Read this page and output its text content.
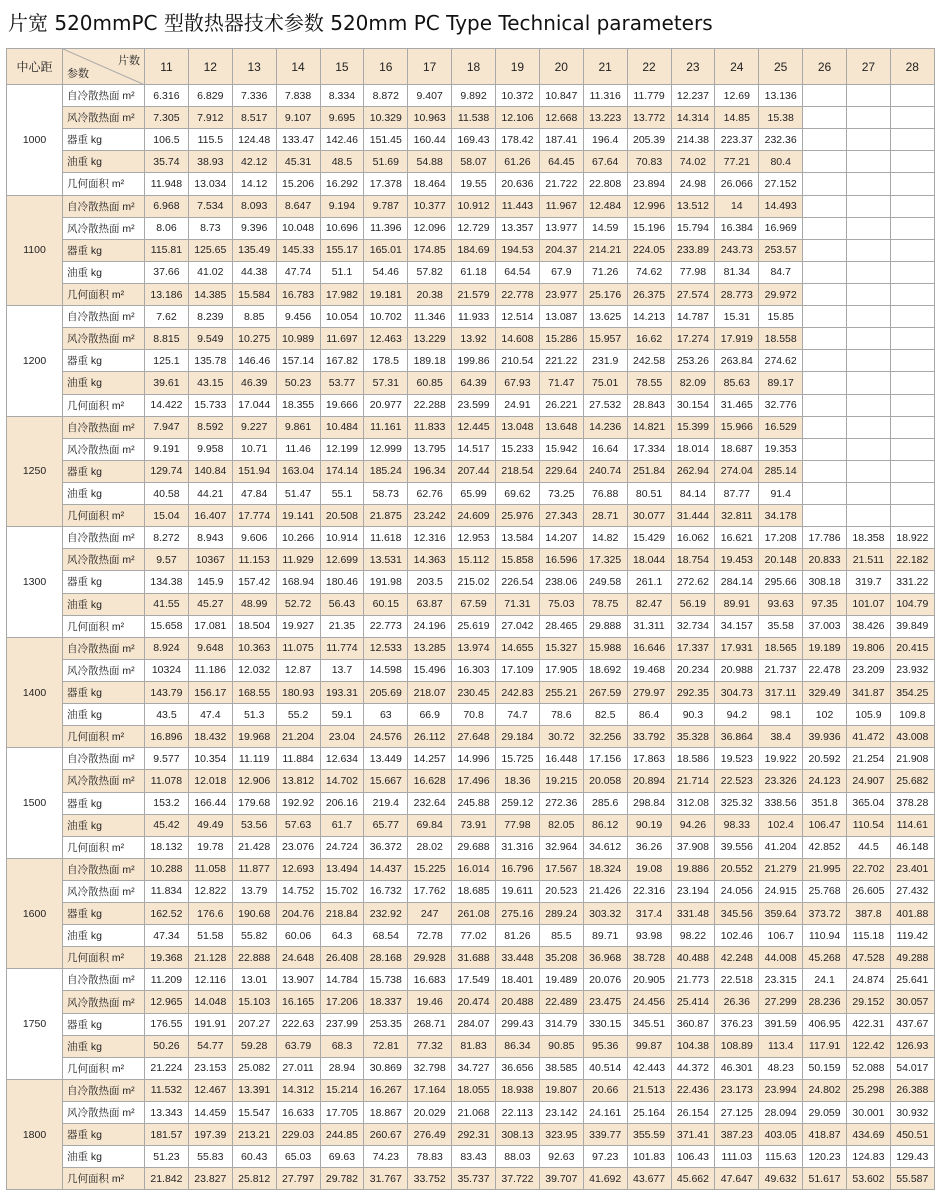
片宽 520mmPC 型散热器技术参数 520mm PC Type Technical parameters
中心距	片数
参数	11	12	13	14	15	16	17	18	19	20	21	22	23	24	25	26	27	28
1000	自冷散热面 m²	6.316	6.829	7.336	7.838	8.334	8.872	9.407	9.892	10.372	10.847	11.316	11.779	12.237	12.69	13.136			
	风冷散热面 m²	7.305	7.912	8.517	9.107	9.695	10.329	10.963	11.538	12.106	12.668	13.223	13.772	14.314	14.85	15.38			
	器重 kg	106.5	115.5	124.48	133.47	142.46	151.45	160.44	169.43	178.42	187.41	196.4	205.39	214.38	223.37	232.36			
	油重 kg	35.74	38.93	42.12	45.31	48.5	51.69	54.88	58.07	61.26	64.45	67.64	70.83	74.02	77.21	80.4			
	几何面积 m²	11.948	13.034	14.12	15.206	16.292	17.378	18.464	19.55	20.636	21.722	22.808	23.894	24.98	26.066	27.152			
1100	自冷散热面 m²	6.968	7.534	8.093	8.647	9.194	9.787	10.377	10.912	11.443	11.967	12.484	12.996	13.512	14	14.493			
	风冷散热面 m²	8.06	8.73	9.396	10.048	10.696	11.396	12.096	12.729	13.357	13.977	14.59	15.196	15.794	16.384	16.969			
	器重 kg	115.81	125.65	135.49	145.33	155.17	165.01	174.85	184.69	194.53	204.37	214.21	224.05	233.89	243.73	253.57			
	油重 kg	37.66	41.02	44.38	47.74	51.1	54.46	57.82	61.18	64.54	67.9	71.26	74.62	77.98	81.34	84.7			
	几何面积 m²	13.186	14.385	15.584	16.783	17.982	19.181	20.38	21.579	22.778	23.977	25.176	26.375	27.574	28.773	29.972			
1200	自冷散热面 m²	7.62	8.239	8.85	9.456	10.054	10.702	11.346	11.933	12.514	13.087	13.625	14.213	14.787	15.31	15.85			
	风冷散热面 m²	8.815	9.549	10.275	10.989	11.697	12.463	13.229	13.92	14.608	15.286	15.957	16.62	17.274	17.919	18.558			
	器重 kg	125.1	135.78	146.46	157.14	167.82	178.5	189.18	199.86	210.54	221.22	231.9	242.58	253.26	263.84	274.62			
	油重 kg	39.61	43.15	46.39	50.23	53.77	57.31	60.85	64.39	67.93	71.47	75.01	78.55	82.09	85.63	89.17			
	几何面积 m²	14.422	15.733	17.044	18.355	19.666	20.977	22.288	23.599	24.91	26.221	27.532	28.843	30.154	31.465	32.776			
1250	自冷散热面 m²	7.947	8.592	9.227	9.861	10.484	11.161	11.833	12.445	13.048	13.648	14.236	14.821	15.399	15.966	16.529			
	风冷散热面 m²	9.191	9.958	10.71	11.46	12.199	12.999	13.795	14.517	15.233	15.942	16.64	17.334	18.014	18.687	19.353			
	器重 kg	129.74	140.84	151.94	163.04	174.14	185.24	196.34	207.44	218.54	229.64	240.74	251.84	262.94	274.04	285.14			
	油重 kg	40.58	44.21	47.84	51.47	55.1	58.73	62.76	65.99	69.62	73.25	76.88	80.51	84.14	87.77	91.4			
	几何面积 m²	15.04	16.407	17.774	19.141	20.508	21.875	23.242	24.609	25.976	27.343	28.71	30.077	31.444	32.811	34.178			
1300	自冷散热面 m²	8.272	8.943	9.606	10.266	10.914	11.618	12.316	12.953	13.584	14.207	14.82	15.429	16.062	16.621	17.208	17.786	18.358	18.922
	风冷散热面 m²	9.57	10367	11.153	11.929	12.699	13.531	14.363	15.112	15.858	16.596	17.325	18.044	18.754	19.453	20.148	20.833	21.511	22.182
	器重 kg	134.38	145.9	157.42	168.94	180.46	191.98	203.5	215.02	226.54	238.06	249.58	261.1	272.62	284.14	295.66	308.18	319.7	331.22
	油重 kg	41.55	45.27	48.99	52.72	56.43	60.15	63.87	67.59	71.31	75.03	78.75	82.47	56.19	89.91	93.63	97.35	101.07	104.79
	几何面积 m²	15.658	17.081	18.504	19.927	21.35	22.773	24.196	25.619	27.042	28.465	29.888	31.311	32.734	34.157	35.58	37.003	38.426	39.849
1400	自冷散热面 m²	8.924	9.648	10.363	11.075	11.774	12.533	13.285	13.974	14.655	15.327	15.988	16.646	17.337	17.931	18.565	19.189	19.806	20.415
	风冷散热面 m²	10324	11.186	12.032	12.87	13.7	14.598	15.496	16.303	17.109	17.905	18.692	19.468	20.234	20.988	21.737	22.478	23.209	23.932
	器重 kg	143.79	156.17	168.55	180.93	193.31	205.69	218.07	230.45	242.83	255.21	267.59	279.97	292.35	304.73	317.11	329.49	341.87	354.25
	油重 kg	43.5	47.4	51.3	55.2	59.1	63	66.9	70.8	74.7	78.6	82.5	86.4	90.3	94.2	98.1	102	105.9	109.8
	几何面积 m²	16.896	18.432	19.968	21.204	23.04	24.576	26.112	27.648	29.184	30.72	32.256	33.792	35.328	36.864	38.4	39.936	41.472	43.008
1500	自冷散热面 m²	9.577	10.354	11.119	11.884	12.634	13.449	14.257	14.996	15.725	16.448	17.156	17.863	18.586	19.523	19.922	20.592	21.254	21.908
	风冷散热面 m²	11.078	12.018	12.906	13.812	14.702	15.667	16.628	17.496	18.36	19.215	20.058	20.894	21.714	22.523	23.326	24.123	24.907	25.682
	器重 kg	153.2	166.44	179.68	192.92	206.16	219.4	232.64	245.88	259.12	272.36	285.6	298.84	312.08	325.32	338.56	351.8	365.04	378.28
	油重 kg	45.42	49.49	53.56	57.63	61.7	65.77	69.84	73.91	77.98	82.05	86.12	90.19	94.26	98.33	102.4	106.47	110.54	114.61
	几何面积 m²	18.132	19.78	21.428	23.076	24.724	36.372	28.02	29.688	31.316	32.964	34.612	36.26	37.908	39.556	41.204	42.852	44.5	46.148
1600	自冷散热面 m²	10.288	11.058	11.877	12.693	13.494	14.437	15.225	16.014	16.796	17.567	18.324	19.08	19.886	20.552	21.279	21.995	22.702	23.401
	风冷散热面 m²	11.834	12.822	13.79	14.752	15.702	16.732	17.762	18.685	19.611	20.523	21.426	22.316	23.194	24.056	24.915	25.768	26.605	27.432
	器重 kg	162.52	176.6	190.68	204.76	218.84	232.92	247	261.08	275.16	289.24	303.32	317.4	331.48	345.56	359.64	373.72	387.8	401.88
	油重 kg	47.34	51.58	55.82	60.06	64.3	68.54	72.78	77.02	81.26	85.5	89.71	93.98	98.22	102.46	106.7	110.94	115.18	119.42
	几何面积 m²	19.368	21.128	22.888	24.648	26.408	28.168	29.928	31.688	33.448	35.208	36.968	38.728	40.488	42.248	44.008	45.268	47.528	49.288
1750	自冷散热面 m²	11.209	12.116	13.01	13.907	14.784	15.738	16.683	17.549	18.401	19.489	20.076	20.905	21.773	22.518	23.315	24.1	24.874	25.641
	风冷散热面 m²	12.965	14.048	15.103	16.165	17.206	18.337	19.46	20.474	20.488	22.489	23.475	24.456	25.414	26.36	27.299	28.236	29.152	30.057
	器重 kg	176.55	191.91	207.27	222.63	237.99	253.35	268.71	284.07	299.43	314.79	330.15	345.51	360.87	376.23	391.59	406.95	422.31	437.67
	油重 kg	50.26	54.77	59.28	63.79	68.3	72.81	77.32	81.83	86.34	90.85	95.36	99.87	104.38	108.89	113.4	117.91	122.42	126.93
	几何面积 m²	21.224	23.153	25.082	27.011	28.94	30.869	32.798	34.727	36.656	38.585	40.514	42.443	44.372	46.301	48.23	50.159	52.088	54.017
1800	自冷散热面 m²	11.532	12.467	13.391	14.312	15.214	16.267	17.164	18.055	18.938	19.807	20.66	21.513	22.436	23.173	23.994	24.802	25.298	26.388
	风冷散热面 m²	13.343	14.459	15.547	16.633	17.705	18.867	20.029	21.068	22.113	23.142	24.161	25.164	26.154	27.125	28.094	29.059	30.001	30.932
	器重 kg	181.57	197.39	213.21	229.03	244.85	260.67	276.49	292.31	308.13	323.95	339.77	355.59	371.41	387.23	403.05	418.87	434.69	450.51
	油重 kg	51.23	55.83	60.43	65.03	69.63	74.23	78.83	83.43	88.03	92.63	97.23	101.83	106.43	111.03	115.63	120.23	124.83	129.43
	几何面积 m²	21.842	23.827	25.812	27.797	29.782	31.767	33.752	35.737	37.722	39.707	41.692	43.677	45.662	47.647	49.632	51.617	53.602	55.587
